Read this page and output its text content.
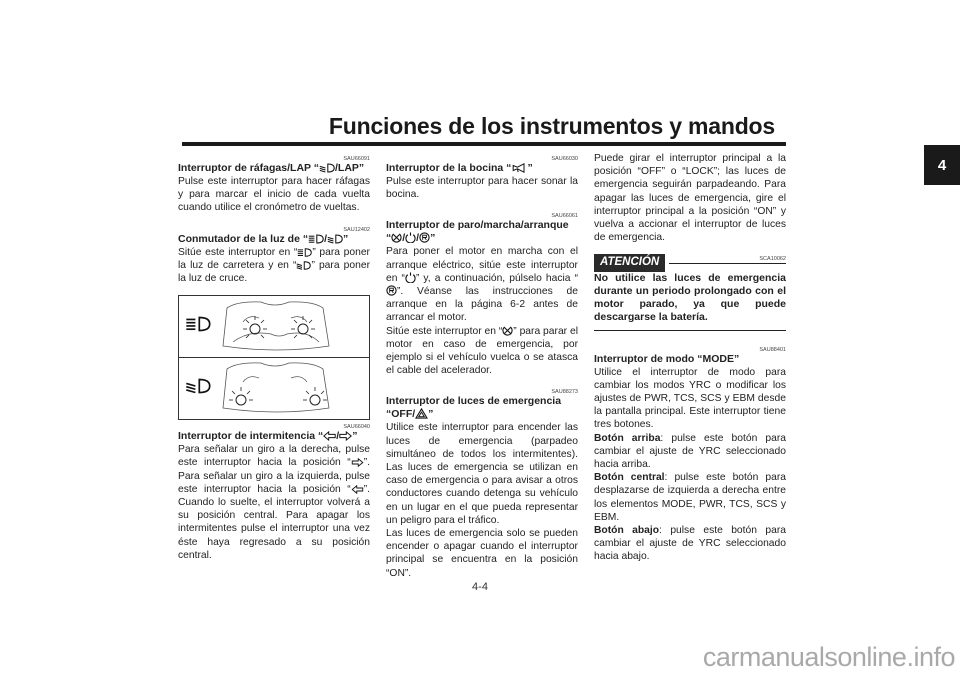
Funciones de los instrumentos y mandos
4
SAU66091
Interruptor de ráfagas/LAP “ /LAP”
Pulse este interruptor para hacer ráfagas y para marcar el inicio de cada vuelta cuando utilice el cronómetro de vueltas.
SAU12402
Conmutador de la luz de “ / ”
Sitúe este interruptor en “ ” para poner la luz de carretera y en “ ” para poner la luz de cruce.
SAU66040
Interruptor de intermitencia “ / ”
Para señalar un giro a la derecha, pulse este interruptor hacia la posición “ ”. Para señalar un giro a la izquierda, pulse este interruptor hacia la posición “ ”. Cuando lo suelte, el interruptor volverá a su posición central. Para apagar los intermitentes pulse el interruptor una vez éste haya regresado a su posición central.
SAU66030
Interruptor de la bocina “ ”
Pulse este interruptor para hacer sonar la bocina.
SAU66061
Interruptor de paro/marcha/arranque
“ / / ”
Para poner el motor en marcha con el arranque eléctrico, sitúe este interruptor en “ ” y, a continuación, púlselo hacia “”. Véanse las instrucciones de arranque en la página 6-2 antes de arrancar el motor.
Sitúe este interruptor en “ ” para parar el motor en caso de emergencia, por ejemplo si el vehículo vuelca o se atasca el cable del acelerador.
SAU88273
Interruptor de luces de emergencia
“OFF/ ”
Utilice este interruptor para encender las luces de emergencia (parpadeo simultáneo de todos los intermitentes). Las luces de emergencia se utilizan en caso de emergencia o para avisar a otros conductores cuando detenga su vehículo en un lugar en el que pueda representar un peligro para el tráfico.
Las luces de emergencia solo se pueden encender o apagar cuando el interruptor principal se encuentra en la posición “ON”.
Puede girar el interruptor principal a la posición “OFF” o “LOCK”; las luces de emergencia seguirán parpadeando. Para apagar las luces de emergencia, gire el interruptor principal a la posición “ON” y vuelva a accionar el interruptor de luces de emergencia.
ATENCIÓN	SCA10062
No utilice las luces de emergencia durante un periodo prolongado con el motor parado, ya que puede descargarse la batería.
SAU88401
Interruptor de modo “MODE”
Utilice el interruptor de modo para cambiar los modos YRC o modificar los ajustes de PWR, TCS, SCS y EBM desde la pantalla principal. Este interruptor tiene tres botones.
Botón arriba: pulse este botón para cambiar el ajuste de YRC seleccionado hacia arriba.
Botón central: pulse este botón para desplazarse de izquierda a derecha entre los elementos MODE, PWR, TCS, SCS y EBM.
Botón abajo: pulse este botón para cambiar el ajuste de YRC seleccionado hacia abajo.
4-4
carmanualsonline.info
